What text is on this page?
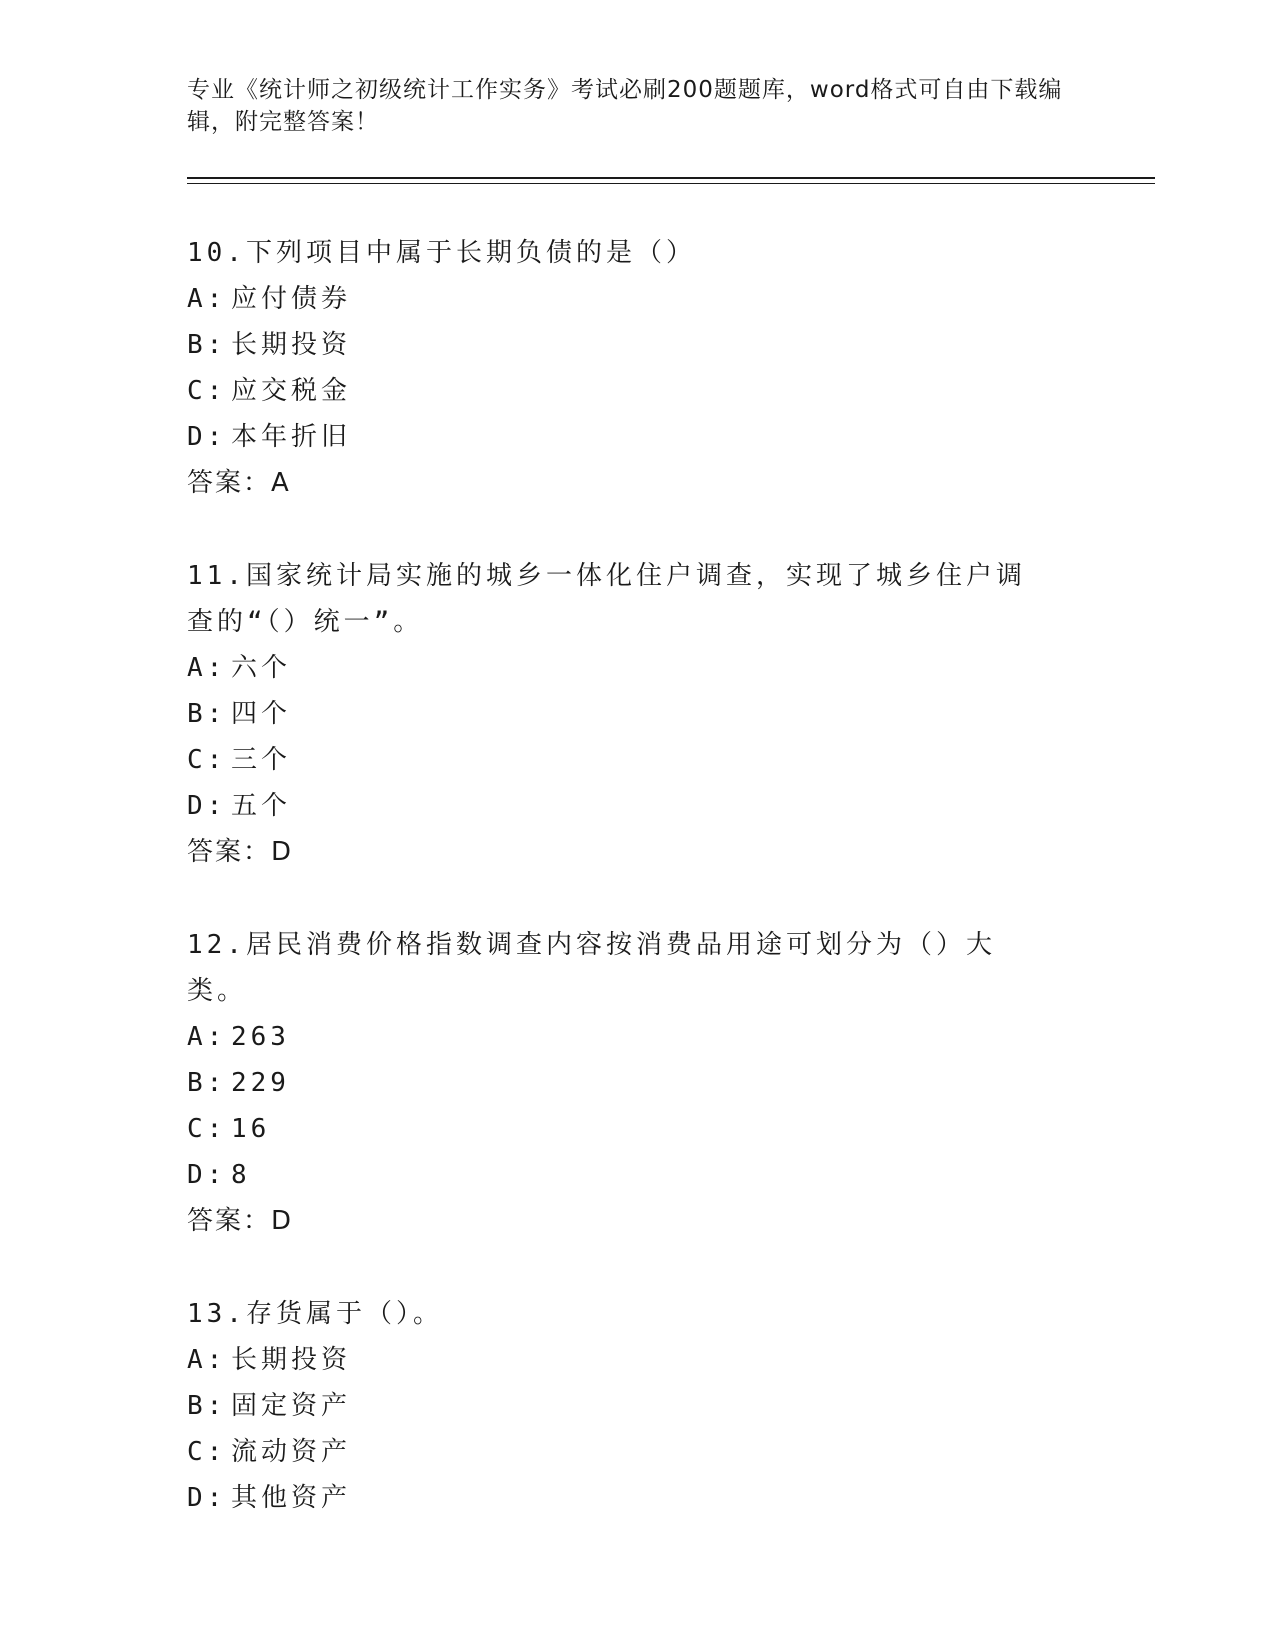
专业《统计师之初级统计工作实务》考试必刷200题题库，word格式可自由下载编辑，附完整答案！
10.下列项目中属于长期负债的是（）
A: 应付债券
B: 长期投资
C: 应交税金
D: 本年折旧
答案：A
11.国家统计局实施的城乡一体化住户调查，实现了城乡住户调查的“（）统一”。
A: 六个
B: 四个
C: 三个
D: 五个
答案：D
12.居民消费价格指数调查内容按消费品用途可划分为（）大类。
A: 263
B: 229
C: 16
D: 8
答案：D
13.存货属于（）。
A: 长期投资
B: 固定资产
C: 流动资产
D: 其他资产
